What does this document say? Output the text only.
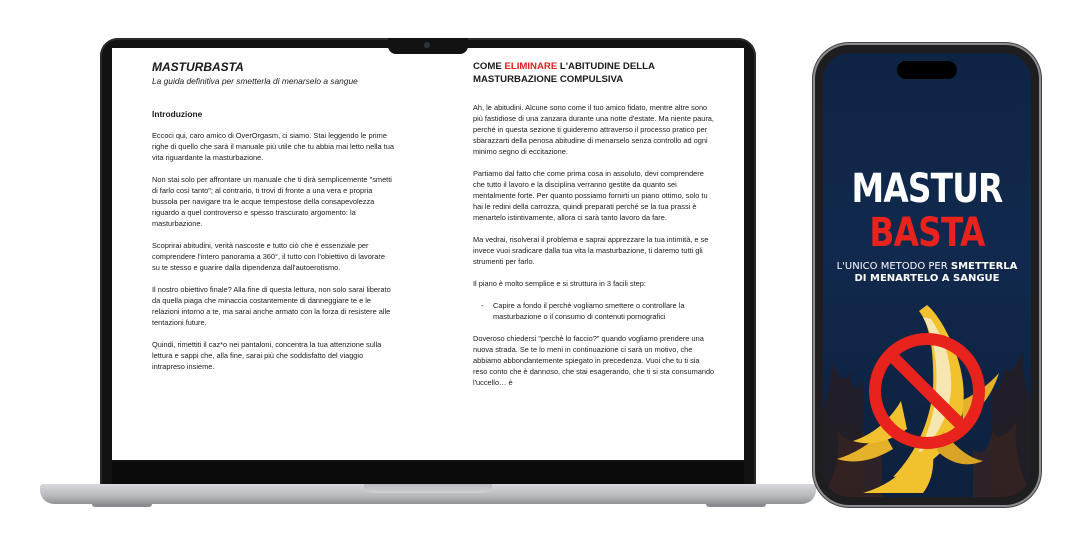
MASTURBASTA

La guida definitiva per smetterla di menarselo a sangue

Introduzione

Eccoci qui, caro amico di OverOrgasm, ci siamo. Stai leggendo le prime righe di quello che sarà il manuale più utile che tu abbia mai letto nella tua vita riguardante la masturbazione.

Non stai solo per affrontare un manuale che ti dirà semplicemente "smetti di farlo così tanto"; al contrario, ti trovi di fronte a una vera e propria bussola per navigare tra le acque tempestose della consapevolezza riguardo a quel controverso e spesso trascurato argomento: la masturbazione.

Scoprirai abitudini, verità nascoste e tutto ciò che è essenziale per comprendere l'intero panorama a 360°, il tutto con l'obiettivo di lavorare su te stesso e guarire dalla dipendenza dall'autoerotismo.

Il nostro obiettivo finale? Alla fine di questa lettura, non solo sarai liberato da quella piaga che minaccia costantemente di danneggiare te e le relazioni intorno a te, ma sarai anche armato con la forza di resistere alle tentazioni future.

Quindi, rimettiti il caz*o nei pantaloni, concentra la tua attenzione sulla lettura e sappi che, alla fine, sarai più che soddisfatto del viaggio intrapreso insieme.

COME ELIMINARE L'ABITUDINE DELLA MASTURBAZIONE COMPULSIVA

Ah, le abitudini. Alcune sono come il tuo amico fidato, mentre altre sono più fastidiose di una zanzara durante una notte d'estate. Ma niente paura, perché in questa sezione ti guideremo attraverso il processo pratico per sbarazzarti della penosa abitudine di menarselo senza controllo ad ogni minimo segno di eccitazione.

Partiamo dal fatto che come prima cosa in assoluto, devi comprendere che tutto il lavoro e la disciplina verranno gestite da quanto sei mentalmente forte. Per quanto possiamo fornirti un piano ottimo, solo tu hai le redini della carrozza, quindi preparati perché se la tua prassi è menartelo istintivamente, allora ci sarà tanto lavoro da fare.

Ma vedrai, risolverai il problema e saprai apprezzare la tua intimità, e se invece vuoi sradicare dalla tua vita la masturbazione, ti daremo tutti gli strumenti per farlo.

Il piano è molto semplice e si struttura in 3 facili step:

-	Capire a fondo il perchè vogliamo smettere o controllare la masturbazione o il consumo di contenuti pornografici

Doveroso chiedersi "perchè lo faccio?" quando vogliamo prendere una nuova strada. Se te lo meni in continuazione ci sarà un motivo, che abbiamo abbondantemente spiegato in precedenza. Vuoi che tu ti sia reso conto che è dannoso, che stai esagerando, che ti si sta consumando l'uccello… è

MASTUR
BASTA
L'UNICO METODO PER SMETTERLA
DI MENARTELO A SANGUE
